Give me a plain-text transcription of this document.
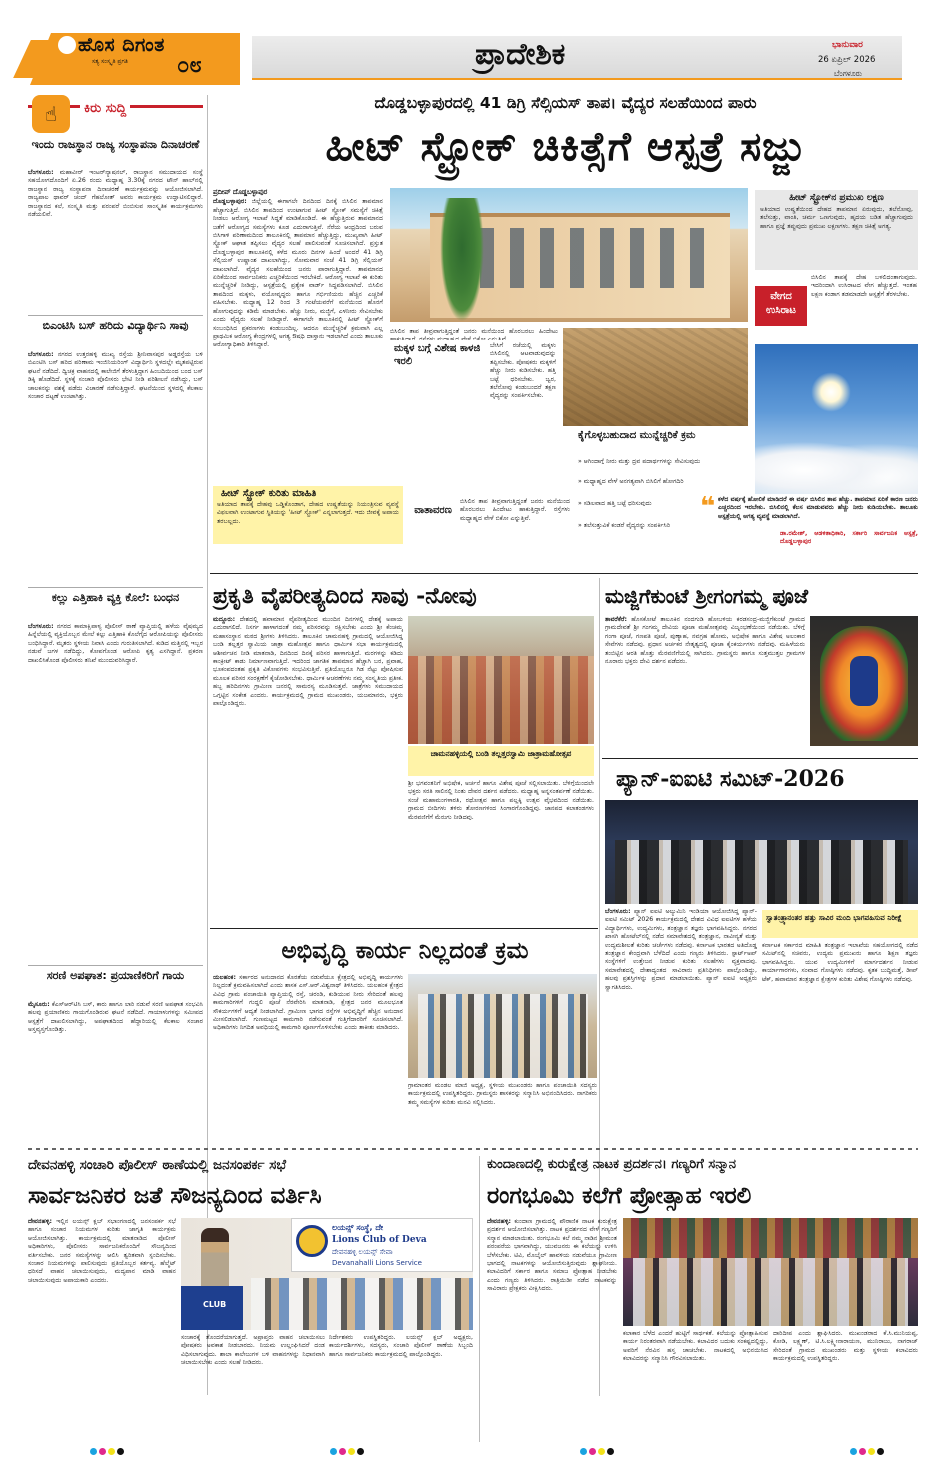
ಹೊಸ ದಿಗಂತ
ಸತ್ಯ ಸಂಸ್ಕೃತಿ ಪ್ರಗತಿ ೦೮	ಪ್ರಾದೇಶಿಕ	ಭಾನುವಾರ
26 ಏಪ್ರಿಲ್ 2026
ಬೆಂಗಳೂರು
☝	ಕಿರು ಸುದ್ದಿ
ಇಂದು ರಾಜಸ್ಥಾನ ರಾಜ್ಯ ಸಂಸ್ಥಾಪನಾ ದಿನಾಚರಣೆ
ಬೆಂಗಳೂರು: ಮಹಾವೀರ್ ಇಂಟರ್‌ನ್ಯಾಷನಲ್, ರಾಜಸ್ಥಾನ ಸಮುದಾಯದ ಸಂಸ್ಥೆ ಸಹಯೋಗದೊಂದಿಗೆ ಏ.26 ರಂದು ಮಧ್ಯಾಹ್ನ 3.30ಕ್ಕೆ ನಗರದ ಟೌನ್ ಹಾಲ್‌ನಲ್ಲಿ ರಾಜಸ್ಥಾನ ರಾಜ್ಯ ಸಂಸ್ಥಾಪನಾ ದಿನಾಚರಣೆ ಕಾರ್ಯಕ್ರಮವನ್ನು ಆಯೋಜಿಸಲಾಗಿದೆ. ರಾಜ್ಯಪಾಲ ಥಾವರ್ ಚಂದ್ ಗೆಹಲೋತ್ ಅವರು ಕಾರ್ಯಕ್ರಮ ಉದ್ಘಾಟಿಸಲಿದ್ದಾರೆ. ರಾಜಸ್ಥಾನದ ಕಲೆ, ಸಂಸ್ಕೃತಿ ಮತ್ತು ಪರಂಪರೆ ಬಿಂಬಿಸುವ ಸಾಂಸ್ಕೃತಿಕ ಕಾರ್ಯಕ್ರಮಗಳು ನಡೆಯಲಿವೆ.
ಬಿಎಂಟಿಸಿ ಬಸ್ ಹರಿದು ವಿದ್ಯಾರ್ಥಿನಿ ಸಾವು
ಬೆಂಗಳೂರು: ನಗರದ ಉತ್ತರಹಳ್ಳಿ ಮುಖ್ಯ ರಸ್ತೆಯ ಶ್ರೀನಿವಾಸಪುರ ಅಡ್ಡರಸ್ತೆಯ ಬಳಿ ಬಿಎಂಟಿಸಿ ಬಸ್ ಹರಿದ ಪರಿಣಾಮ ಇಂಜಿನಿಯರಿಂಗ್ ವಿದ್ಯಾರ್ಥಿನಿ ಸ್ಥಳದಲ್ಲೇ ಮೃತಪಟ್ಟಿರುವ ಘಟನೆ ನಡೆದಿದೆ. ದ್ವಿಚಕ್ರ ವಾಹನದಲ್ಲಿ ಕಾಲೇಜಿಗೆ ತೆರಳುತ್ತಿದ್ದಾಗ ಹಿಂಬದಿಯಿಂದ ಬಂದ ಬಸ್ ಡಿಕ್ಕಿ ಹೊಡೆದಿದೆ. ಸ್ಥಳಕ್ಕೆ ಸಂಚಾರಿ ಪೊಲೀಸರು ಭೇಟಿ ನೀಡಿ ಪರಿಶೀಲನೆ ನಡೆಸಿದ್ದು, ಬಸ್ ಚಾಲಕನನ್ನು ವಶಕ್ಕೆ ಪಡೆದು ವಿಚಾರಣೆ ನಡೆಸುತ್ತಿದ್ದಾರೆ. ಘಟನೆಯಿಂದ ಸ್ಥಳದಲ್ಲಿ ಕೆಲಕಾಲ ಸಂಚಾರ ದಟ್ಟಣೆ ಉಂಟಾಗಿತ್ತು.
ಕಲ್ಲು ಎತ್ತಿಹಾಕಿ ವ್ಯಕ್ತಿ ಕೊಲೆ: ಬಂಧನ
ಬೆಂಗಳೂರು: ನಗರದ ಕಾಮಾಕ್ಷಿಪಾಳ್ಯ ಪೊಲೀಸ್ ಠಾಣೆ ವ್ಯಾಪ್ತಿಯಲ್ಲಿ ಹಳೆಯ ವೈಷಮ್ಯದ ಹಿನ್ನೆಲೆಯಲ್ಲಿ ವ್ಯಕ್ತಿಯೊಬ್ಬನ ಮೇಲೆ ಕಲ್ಲು ಎತ್ತಿಹಾಕಿ ಕೊಲೆಗೈದ ಆರೋಪಿಯನ್ನು ಪೊಲೀಸರು ಬಂಧಿಸಿದ್ದಾರೆ. ಮೃತರು ಸ್ಥಳೀಯ ನಿವಾಸಿ ಎಂದು ಗುರುತಿಸಲಾಗಿದೆ. ಕುಡಿದ ಮತ್ತಿನಲ್ಲಿ ಇಬ್ಬರ ನಡುವೆ ಜಗಳ ನಡೆದಿದ್ದು, ಕೋಪಗೊಂಡ ಆರೋಪಿ ಕೃತ್ಯ ಎಸಗಿದ್ದಾನೆ. ಪ್ರಕರಣ ದಾಖಲಿಸಿಕೊಂಡ ಪೊಲೀಸರು ತನಿಖೆ ಮುಂದುವರಿಸಿದ್ದಾರೆ.
ಸರಣಿ ಅಪಘಾತ: ಪ್ರಯಾಣಿಕರಿಗೆ ಗಾಯ
ಮೈಸೂರು: ಕೆಎಸ್‌ಆರ್‌ಟಿಸಿ ಬಸ್, ಕಾರು ಹಾಗೂ ಲಾರಿ ನಡುವೆ ಸರಣಿ ಅಪಘಾತ ಸಂಭವಿಸಿ ಹಲವು ಪ್ರಯಾಣಿಕರು ಗಾಯಗೊಂಡಿರುವ ಘಟನೆ ನಡೆದಿದೆ. ಗಾಯಾಳುಗಳನ್ನು ಸಮೀಪದ ಆಸ್ಪತ್ರೆಗೆ ದಾಖಲಿಸಲಾಗಿದ್ದು, ಅಪಘಾತದಿಂದ ಹೆದ್ದಾರಿಯಲ್ಲಿ ಕೆಲಕಾಲ ಸಂಚಾರ ಅಸ್ತವ್ಯಸ್ತಗೊಂಡಿತ್ತು.
ದೊಡ್ಡಬಳ್ಳಾಪುರದಲ್ಲಿ 41 ಡಿಗ್ರಿ ಸೆಲ್ಸಿಯಸ್ ತಾಪ। ವೈದ್ಯರ ಸಲಹೆಯಿಂದ ಪಾರು
ಹೀಟ್ ಸ್ಟ್ರೋಕ್ ಚಿಕಿತ್ಸೆಗೆ ಆಸ್ಪತ್ರೆ ಸಜ್ಜು

ಪ್ರದೀಪ್ ದೊಡ್ಡಬಳ್ಳಾಪುರ

ದೊಡ್ಡಬಳ್ಳಾಪುರ: ಜಿಲ್ಲೆಯಲ್ಲಿ ಈಗಾಗಲೇ ದಿನದಿಂದ ದಿನಕ್ಕೆ ಬಿಸಿಲಿನ ತಾಪಮಾನ ಹೆಚ್ಚಾಗುತ್ತಿದೆ. ಬಿಸಿಲಿನ ತಾಪದಿಂದ ಉಂಟಾಗುವ ಹೀಟ್ ಸ್ಟ್ರೋಕ್ ಸಮಸ್ಯೆಗೆ ಚಿಕಿತ್ಸೆ ನೀಡಲು ಆರೋಗ್ಯ ಇಲಾಖೆ ಸಿದ್ಧತೆ ಮಾಡಿಕೊಂಡಿದೆ. ಈ ಹೆಚ್ಚುತ್ತಿರುವ ತಾಪಮಾನದ ಜತೆಗೆ ಆರೋಗ್ಯದ ಸಮಸ್ಯೆಗಳು ಕೂಡ ಎದುರಾಗುತ್ತಿವೆ. ನೆರೆಯ ಆಂಧ್ರದಿಂದ ಬರುವ ಬಿಸಿಗಾಳಿ ಪರಿಣಾಮದಿಂದ ತಾಲೂಕಿನಲ್ಲಿ ತಾಪಮಾನ ಹೆಚ್ಚುತ್ತಿದ್ದು, ಮುಖ್ಯವಾಗಿ ಹೀಟ್ ಸ್ಟ್ರೋಕ್ ಆಘಾತ ತಪ್ಪಿಸಲು ವೈದ್ಯರ ಸಲಹೆ ಪಾಲಿಸುವಂತೆ ಸೂಚಿಸಲಾಗಿದೆ. ಪ್ರಸ್ತುತ ದೊಡ್ಡಬಳ್ಳಾಪುರ ತಾಲೂಕಿನಲ್ಲಿ ಕಳೆದ ಮೂರು ದಿನಗಳ ಹಿಂದೆ ಅಂದರೆ 41 ಡಿಗ್ರಿ ಸೆಲ್ಸಿಯಸ್ ಉಷ್ಣಾಂಶ ದಾಖಲಾಗಿದ್ದು, ಸೋಮವಾರ ಸಂಜೆ 41 ಡಿಗ್ರಿ ಸೆಲ್ಸಿಯಸ್ ದಾಖಲಾಗಿದೆ. ವೈದ್ಯರ ಸಲಹೆಯಿಂದ ಜನರು ಪಾರಾಗುತ್ತಿದ್ದಾರೆ. ತಾಪಮಾನದ ಏರಿಕೆಯಿಂದ ಸಾರ್ವಜನಿಕರು ಎಚ್ಚರಿಕೆಯಿಂದ ಇರಬೇಕಿದೆ. ಆರೋಗ್ಯ ಇಲಾಖೆ ಈ ಕುರಿತು ಮುನ್ನೆಚ್ಚರಿಕೆ ನೀಡಿದ್ದು, ಆಸ್ಪತ್ರೆಯಲ್ಲಿ ಪ್ರತ್ಯೇಕ ವಾರ್ಡ್ ಸಿದ್ಧಪಡಿಸಲಾಗಿದೆ. ಬಿಸಿಲಿನ ತಾಪದಿಂದ ಮಕ್ಕಳು, ವಯೋವೃದ್ಧರು ಹಾಗೂ ಗರ್ಭಿಣಿಯರು ಹೆಚ್ಚಿನ ಎಚ್ಚರಿಕೆ ವಹಿಸಬೇಕು. ಮಧ್ಯಾಹ್ನ 12 ರಿಂದ 3 ಗಂಟೆಯವರೆಗೆ ಮನೆಯಿಂದ ಹೊರಗೆ ಹೋಗುವುದನ್ನು ಕಡಿಮೆ ಮಾಡಬೇಕು. ಹೆಚ್ಚು ನೀರು, ಮಜ್ಜಿಗೆ, ಎಳನೀರು ಸೇವಿಸಬೇಕು ಎಂದು ವೈದ್ಯರು ಸಲಹೆ ನೀಡಿದ್ದಾರೆ. ಈಗಾಗಲೇ ತಾಲೂಕಿನಲ್ಲಿ ಹೀಟ್ ಸ್ಟ್ರೋಕ್‌ಗೆ ಸಂಬಂಧಿಸಿದ ಪ್ರಕರಣಗಳು ಕಂಡುಬಂದಿಲ್ಲ. ಆದರೂ ಮುನ್ನೆಚ್ಚರಿಕೆ ಕ್ರಮವಾಗಿ ಎಲ್ಲ ಪ್ರಾಥಮಿಕ ಆರೋಗ್ಯ ಕೇಂದ್ರಗಳಲ್ಲಿ ಅಗತ್ಯ ಔಷಧಿ ದಾಸ್ತಾನು ಇಡಲಾಗಿದೆ ಎಂದು ತಾಲೂಕು ಆರೋಗ್ಯಾಧಿಕಾರಿ ತಿಳಿಸಿದ್ದಾರೆ.
ಬಿಸಿಲಿನ ತಾಪ ತೀವ್ರವಾಗುತ್ತಿದ್ದಂತೆ ಜನರು ಮನೆಯಿಂದ ಹೊರಬರಲು ಹಿಂದೇಟು
ಮಕ್ಕಳ ಬಗ್ಗೆ ವಿಶೇಷ ಕಾಳಜಿ ಇರಲಿ
ಬೇಸಿಗೆ ರಜೆಯಲ್ಲಿ ಮಕ್ಕಳು ಬಿಸಿಲಿನಲ್ಲಿ ಆಟವಾಡುವುದನ್ನು ತಪ್ಪಿಸಬೇಕು. ಪೋಷಕರು ಮಕ್ಕಳಿಗೆ ಹೆಚ್ಚು ನೀರು ಕುಡಿಸಬೇಕು. ಹತ್ತಿ ಬಟ್ಟೆ ಧರಿಸಬೇಕು. ಜ್ವರ, ತಲೆನೋವು ಕಂಡುಬಂದರೆ ತಕ್ಷಣ ವೈದ್ಯರನ್ನು ಸಂಪರ್ಕಿಸಬೇಕು.
ಹೀಟ್ ಸ್ಟ್ರೋಕ್ ಕುರಿತು ಮಾಹಿತಿ
ಅತಿಯಾದ ತಾಪಕ್ಕೆ ದೇಹವು ಒಡ್ಡಿಕೊಂಡಾಗ, ದೇಹದ ಉಷ್ಣತೆಯನ್ನು ನಿಯಂತ್ರಿಸುವ ವ್ಯವಸ್ಥೆ ವಿಫಲವಾಗಿ ಉಂಟಾಗುವ ಸ್ಥಿತಿಯನ್ನು 'ಹೀಟ್ ಸ್ಟ್ರೋಕ್' ಎನ್ನಲಾಗುತ್ತದೆ. ಇದು ಜೀವಕ್ಕೆ ಅಪಾಯ ತರಬಲ್ಲದು.
ವಾತಾವರಣ
ಬಿಸಿಲಿನ ತಾಪ ತೀವ್ರವಾಗುತ್ತಿದ್ದಂತೆ ಜನರು ಮನೆಯಿಂದ ಹೊರಬರಲು ಹಿಂದೇಟು ಹಾಕುತ್ತಿದ್ದಾರೆ. ರಸ್ತೆಗಳು ಮಧ್ಯಾಹ್ನದ ವೇಳೆ ಬಿಕೋ ಎನ್ನುತ್ತಿವೆ.
ಕೈಗೊಳ್ಳಬಹುದಾದ ಮುನ್ನೆಚ್ಚರಿಕೆ ಕ್ರಮ
» ಆಗಿಂದಾಗ್ಗೆ ನೀರು ಮತ್ತು ದ್ರವ ಪದಾರ್ಥಗಳನ್ನು ಸೇವಿಸುವುದು
» ಮಧ್ಯಾಹ್ನದ ವೇಳೆ ಅನಗತ್ಯವಾಗಿ ಬಿಸಿಲಿಗೆ ಹೋಗದಿರಿ
» ಸಡಿಲವಾದ ಹತ್ತಿ ಬಟ್ಟೆ ಧರಿಸುವುದು
» ತಲೆಸುತ್ತುವಿಕೆ ಕಂಡರೆ ವೈದ್ಯರನ್ನು ಸಂಪರ್ಕಿಸಿರಿ
ಹೀಟ್ ಸ್ಟ್ರೋಕ್‌ನ ಪ್ರಮುಖ ಲಕ್ಷಣ
ಅತಿಯಾದ ಉಷ್ಣತೆಯಿಂದ ದೇಹದ ತಾಪಮಾನ ಏರುವುದು, ತಲೆನೋವು, ತಲೆಸುತ್ತು, ವಾಂತಿ, ಚರ್ಮ ಒಣಗುವುದು, ಹೃದಯ ಬಡಿತ ಹೆಚ್ಚಾಗುವುದು ಹಾಗೂ ಪ್ರಜ್ಞೆ ತಪ್ಪುವುದು ಪ್ರಮುಖ ಲಕ್ಷಣಗಳು. ತಕ್ಷಣ ಚಿಕಿತ್ಸೆ ಅಗತ್ಯ.
ವೇಗದ ಉಸಿರಾಟ
ಬಿಸಿಲಿನ ತಾಪಕ್ಕೆ ದೇಹ ಬಳಲಿದಂತಾಗುವುದು. ಇದರಿಂದಾಗಿ ಉಸಿರಾಟದ ವೇಗ ಹೆಚ್ಚುತ್ತದೆ. ಇಂತಹ ಲಕ್ಷಣ ಕಂಡಾಗ ತಡಮಾಡದೇ ಆಸ್ಪತ್ರೆಗೆ ತೆರಳಬೇಕು.
❝ ಕಳೆದ ವರ್ಷಕ್ಕೆ ಹೋಲಿಕೆ ಮಾಡಿದರೆ ಈ ವರ್ಷ ಬಿಸಿಲಿನ ತಾಪ ಹೆಚ್ಚು. ತಾಪಮಾನ ಏರಿಕೆ ಕಾರಣ ಜನರು ಎಚ್ಚರದಿಂದ ಇರಬೇಕು. ಬಿಸಿಲಿನಲ್ಲಿ ಕೆಲಸ ಮಾಡುವವರು ಹೆಚ್ಚು ನೀರು ಕುಡಿಯಬೇಕು. ತಾಲೂಕು ಆಸ್ಪತ್ರೆಯಲ್ಲಿ ಅಗತ್ಯ ವ್ಯವಸ್ಥೆ ಮಾಡಲಾಗಿದೆ.
ಡಾ.ರಮೇಶ್, ಆಡಳಿತಾಧಿಕಾರಿ, ಸರ್ಕಾರಿ ಸಾರ್ವಜನಿಕ ಆಸ್ಪತ್ರೆ, ದೊಡ್ಡಬಳ್ಳಾಪುರ
ಪ್ರಕೃತಿ ವೈಪರೀತ್ಯದಿಂದ ಸಾವು -ನೋವು
ಮದ್ದೂರು: ದೇಶದಲ್ಲಿ ಹವಾಮಾನ ವೈಪರೀತ್ಯದಿಂದ ಮುಂದಿನ ದಿನಗಳಲ್ಲಿ ದೇಶಕ್ಕೆ ಅಪಾಯ ಎದುರಾಗಲಿದೆ. ನಿಸರ್ಗ ಹಾಳಾಗದಂತೆ ನಮ್ಮ ಪರಿಸರವನ್ನು ರಕ್ಷಿಸಬೇಕು ಎಂದು ಶ್ರೀ ಕೆಂಚಮ್ಮ ಮಹಾಸಂಸ್ಥಾನ ಮಠದ ಶ್ರೀಗಳು ತಿಳಿಸಿದರು. ತಾಲೂಕಿನ ಚಾಮನಹಳ್ಳಿ ಗ್ರಾಮದಲ್ಲಿ ಆಯೋಜಿಸಿದ್ದ ಬಂಡಿ ತಲ್ಲತ್ತರ ಸ್ವಾಮಿಯ ಜಾತ್ರಾ ಮಹೋತ್ಸವ ಹಾಗೂ ಧಾರ್ಮಿಕ ಸಭಾ ಕಾರ್ಯಕ್ರಮದಲ್ಲಿ ಆಶೀರ್ವಚನ ನೀಡಿ ಮಾತನಾಡಿ, ದಿನದಿಂದ ದಿನಕ್ಕೆ ಪರಿಸರ ಹಾಳಾಗುತ್ತಿದೆ. ಮರಗಳನ್ನು ಕಡಿದು ಕಾಂಕ್ರೀಟ್ ಕಾಡು ನಿರ್ಮಾಣವಾಗುತ್ತಿದೆ. ಇದರಿಂದ ಜಾಗತಿಕ ತಾಪಮಾನ ಹೆಚ್ಚಾಗಿ ಬರ, ಪ್ರವಾಹ, ಭೂಕಂಪದಂತಹ ಪ್ರಕೃತಿ ವಿಕೋಪಗಳು ಸಂಭವಿಸುತ್ತಿವೆ. ಪ್ರತಿಯೊಬ್ಬರೂ ಗಿಡ ನೆಟ್ಟು ಪೋಷಿಸುವ ಮೂಲಕ ಪರಿಸರ ಸಂರಕ್ಷಣೆಗೆ ಕೈಜೋಡಿಸಬೇಕು. ಧಾರ್ಮಿಕ ಆಚರಣೆಗಳು ನಮ್ಮ ಸಂಸ್ಕೃತಿಯ ಪ್ರತೀಕ. ಹಬ್ಬ ಹರಿದಿನಗಳು ಗ್ರಾಮೀಣ ಜನರಲ್ಲಿ ಸಾಮರಸ್ಯ ಮೂಡಿಸುತ್ತವೆ. ಜಾತ್ರೆಗಳು ಸಮುದಾಯದ ಒಗ್ಗಟ್ಟಿನ ಸಂಕೇತ ಎಂದರು. ಕಾರ್ಯಕ್ರಮದಲ್ಲಿ ಗ್ರಾಮದ ಮುಖಂಡರು, ಯಜಮಾನರು, ಭಕ್ತರು ಪಾಲ್ಗೊಂಡಿದ್ದರು.
ಚಾಮನಹಳ್ಳಿಯಲ್ಲಿ ಬಂಡಿ ತಲ್ಲತ್ತರಸ್ವಾಮಿ ಜಾತ್ರಾಮಹೋತ್ಸವ
ಶ್ರೀ ಭಗವಂತನಿಗೆ ಅಭಿಷೇಕ, ಅರ್ಚನೆ ಹಾಗೂ ವಿಶೇಷ ಪೂಜೆ ಸಲ್ಲಿಸಲಾಯಿತು. ಬೆಳಿಗ್ಗೆಯಿಂದಲೇ ಭಕ್ತರು ಸರತಿ ಸಾಲಿನಲ್ಲಿ ನಿಂತು ದೇವರ ದರ್ಶನ ಪಡೆದರು. ಮಧ್ಯಾಹ್ನ ಅನ್ನಸಂತರ್ಪಣೆ ನಡೆಯಿತು. ಸಂಜೆ ಮಹಾಮಂಗಳಾರತಿ, ರಥೋತ್ಸವ ಹಾಗೂ ಪಲ್ಲಕ್ಕಿ ಉತ್ಸವ ವೈಭವದಿಂದ ನಡೆಯಿತು. ಗ್ರಾಮದ ಬೀದಿಗಳು ತಳಿರು ತೋರಣಗಳಿಂದ ಸಿಂಗಾರಗೊಂಡಿದ್ದವು. ಜಾನಪದ ಕಲಾತಂಡಗಳು ಮೆರವಣಿಗೆಗೆ ಮೆರುಗು ನೀಡಿದವು.
ಮಜ್ಜಿಗೆಕುಂಟೆ ಶ್ರೀಗಂಗಮ್ಮ ಪೂಜೆ
ತಾವರೆಕೆರೆ: ಹೊಸಕೋಟೆ ತಾಲೂಕಿನ ನಂದಗುಡಿ ಹೋಬಳಿಯ ಕರಡಸಂದ್ರ-ಮಜ್ಜಿಗೆಕುಂಟೆ ಗ್ರಾಮದ ಗ್ರಾಮದೇವತೆ ಶ್ರೀ ಗಂಗಮ್ಮ ದೇವಿಯ ಪೂಜಾ ಮಹೋತ್ಸವವು ವಿಜೃಂಭಣೆಯಿಂದ ನಡೆಯಿತು. ಬೆಳಿಗ್ಗೆ ಗಂಗಾ ಪೂಜೆ, ಗಣಪತಿ ಪೂಜೆ, ಪುಣ್ಯಾಹ, ನವಗ್ರಹ ಹೋಮ, ಅಭಿಷೇಕ ಹಾಗೂ ವಿಶೇಷ ಅಲಂಕಾರ ಸೇವೆಗಳು ನಡೆದವು. ಪ್ರಧಾನ ಅರ್ಚಕರ ನೇತೃತ್ವದಲ್ಲಿ ಪೂಜಾ ಕೈಂಕರ್ಯಗಳು ನಡೆದವು. ಮಹಿಳೆಯರು ತಂಬಿಟ್ಟಿನ ಆರತಿ ಹೊತ್ತು ಮೆರವಣಿಗೆಯಲ್ಲಿ ಸಾಗಿದರು. ಗ್ರಾಮಸ್ಥರು ಹಾಗೂ ಸುತ್ತಮುತ್ತಲ ಗ್ರಾಮಗಳ ನೂರಾರು ಭಕ್ತರು ದೇವಿ ದರ್ಶನ ಪಡೆದರು.
ಪ್ಯಾನ್-ಐಐಟಿ ಸಮಿಟ್-2026
ಬೆಂಗಳೂರು: ಪ್ಯಾನ್ ಐಐಟಿ ಅಲ್ಯುಮಿನಿ ಇಂಡಿಯಾ ಆಯೋಜಿಸಿದ್ದ ಪ್ಯಾನ್-ಐಐಟಿ ಸಮಿಟ್ 2026 ಕಾರ್ಯಕ್ರಮದಲ್ಲಿ ದೇಶದ ವಿವಿಧ ಐಐಟಿಗಳ ಹಳೆಯ ವಿದ್ಯಾರ್ಥಿಗಳು, ಉದ್ಯಮಿಗಳು, ತಂತ್ರಜ್ಞಾನ ತಜ್ಞರು ಭಾಗವಹಿಸಿದ್ದರು. ನಗರದ ಖಾಸಗಿ ಹೋಟೆಲ್‌ನಲ್ಲಿ ನಡೆದ ಸಮಾವೇಶದಲ್ಲಿ ತಂತ್ರಜ್ಞಾನ, ನಾವೀನ್ಯತೆ ಮತ್ತು ಉದ್ಯಮಶೀಲತೆ ಕುರಿತು ಚರ್ಚೆಗಳು ನಡೆದವು. ಕರ್ನಾಟಕ ಭಾರತದ ಅತಿದೊಡ್ಡ ತಂತ್ರಜ್ಞಾನ ಕೇಂದ್ರವಾಗಿ ಬೆಳೆದಿದೆ ಎಂದು ಗಣ್ಯರು ತಿಳಿಸಿದರು. ಸ್ಟಾರ್ಟ್‌ಅಪ್ ಸಂಸ್ಥೆಗಳಿಗೆ ಉತ್ತೇಜನ ನೀಡುವ ಕುರಿತು ಸಲಹೆಗಳು ವ್ಯಕ್ತವಾದವು. ಸಮಾವೇಶದಲ್ಲಿ ದೇಶಾದ್ಯಂತದ ಸಾವಿರಾರು ಪ್ರತಿನಿಧಿಗಳು ಪಾಲ್ಗೊಂಡಿದ್ದು, ಹಲವು ಪ್ರಶಸ್ತಿಗಳನ್ನು ಪ್ರದಾನ ಮಾಡಲಾಯಿತು. ಪ್ಯಾನ್ ಐಐಟಿ ಅಧ್ಯಕ್ಷರು ಸ್ವಾಗತಿಸಿದರು.
ಸ್ವಾತಂತ್ರ್ಯಾನಂತರ ಹತ್ತು ಸಾವಿರ ಮಂದಿ ಭಾಗವಹಿಸುವ ನಿರೀಕ್ಷೆ
ಕರ್ನಾಟಕ ಸರ್ಕಾರದ ಮಾಹಿತಿ ತಂತ್ರಜ್ಞಾನ ಇಲಾಖೆಯ ಸಹಯೋಗದಲ್ಲಿ ನಡೆದ ಸಮಿಟ್‌ನಲ್ಲಿ ಸಚಿವರು, ಉದ್ಯಮ ಪ್ರಮುಖರು ಹಾಗೂ ಶಿಕ್ಷಣ ತಜ್ಞರು ಭಾಗವಹಿಸಿದ್ದರು. ಯುವ ಉದ್ಯಮಿಗಳಿಗೆ ಮಾರ್ಗದರ್ಶನ ನೀಡುವ ಕಾರ್ಯಾಗಾರಗಳು, ಸಂವಾದ ಗೋಷ್ಠಿಗಳು ನಡೆದವು. ಕೃತಕ ಬುದ್ಧಿಮತ್ತೆ, ಡೀಪ್ ಟೆಕ್, ಹವಾಮಾನ ತಂತ್ರಜ್ಞಾನ ಕ್ಷೇತ್ರಗಳ ಕುರಿತು ವಿಶೇಷ ಗೋಷ್ಠಿಗಳು ನಡೆದವು.
ಅಭಿವೃದ್ಧಿ ಕಾರ್ಯ ನಿಲ್ಲದಂತೆ ಕ್ರಮ
ಯಲಹಂಕ: ಸರ್ಕಾರದ ಅನುದಾನದ ಕೊರತೆಯ ನಡುವೆಯೂ ಕ್ಷೇತ್ರದಲ್ಲಿ ಅಭಿವೃದ್ಧಿ ಕಾರ್ಯಗಳು ನಿಲ್ಲದಂತೆ ಕ್ರಮವಹಿಸಲಾಗಿದೆ ಎಂದು ಶಾಸಕ ಎಸ್.ಆರ್.ವಿಶ್ವನಾಥ್ ತಿಳಿಸಿದರು. ಯಲಹಂಕ ಕ್ಷೇತ್ರದ ವಿವಿಧ ಗ್ರಾಮ ಪಂಚಾಯಿತಿ ವ್ಯಾಪ್ತಿಯಲ್ಲಿ ರಸ್ತೆ, ಚರಂಡಿ, ಕುಡಿಯುವ ನೀರು ಸೇರಿದಂತೆ ಹಲವು ಕಾಮಗಾರಿಗಳಿಗೆ ಗುದ್ದಲಿ ಪೂಜೆ ನೆರವೇರಿಸಿ ಮಾತನಾಡಿ, ಕ್ಷೇತ್ರದ ಜನರ ಮೂಲಭೂತ ಸೌಕರ್ಯಗಳಿಗೆ ಆದ್ಯತೆ ನೀಡಲಾಗಿದೆ. ಗ್ರಾಮೀಣ ಭಾಗದ ರಸ್ತೆಗಳ ಅಭಿವೃದ್ಧಿಗೆ ಹೆಚ್ಚಿನ ಅನುದಾನ ಮೀಸಲಿಡಲಾಗಿದೆ. ಗುಣಮಟ್ಟದ ಕಾಮಗಾರಿ ನಡೆಸುವಂತೆ ಗುತ್ತಿಗೆದಾರರಿಗೆ ಸೂಚಿಸಲಾಗಿದೆ. ಅಧಿಕಾರಿಗಳು ನಿಗದಿತ ಅವಧಿಯಲ್ಲಿ ಕಾಮಗಾರಿ ಪೂರ್ಣಗೊಳಿಸಬೇಕು ಎಂದು ತಾಕೀತು ಮಾಡಿದರು.
ಗ್ರಾಮಾಂತರ ಮಂಡಲ ಮಾಜಿ ಅಧ್ಯಕ್ಷ, ಸ್ಥಳೀಯ ಮುಖಂಡರು ಹಾಗೂ ಪಂಚಾಯಿತಿ ಸದಸ್ಯರು ಕಾರ್ಯಕ್ರಮದಲ್ಲಿ ಉಪಸ್ಥಿತರಿದ್ದರು. ಗ್ರಾಮಸ್ಥರು ಶಾಸಕರನ್ನು ಸನ್ಮಾನಿಸಿ ಅಭಿನಂದಿಸಿದರು. ನಾಗರಿಕರು ತಮ್ಮ ಸಮಸ್ಯೆಗಳ ಕುರಿತು ಮನವಿ ಸಲ್ಲಿಸಿದರು.
ದೇವನಹಳ್ಳಿ ಸಂಚಾರಿ ಪೊಲೀಸ್ ಠಾಣೆಯಲ್ಲಿ ಜನಸಂಪರ್ಕ ಸಭೆ
ಸಾರ್ವಜನಿಕರ ಜತೆ ಸೌಜನ್ಯದಿಂದ ವರ್ತಿಸಿ
ದೇವನಹಳ್ಳಿ: ಇಲ್ಲಿನ ಲಯನ್ಸ್ ಕ್ಲಬ್ ಸಭಾಂಗಣದಲ್ಲಿ ಜನಸಂಪರ್ಕ ಸಭೆ ಹಾಗೂ ಸಂಚಾರ ನಿಯಮಗಳ ಕುರಿತು ಜಾಗೃತಿ ಕಾರ್ಯಕ್ರಮ ಆಯೋಜಿಸಲಾಗಿತ್ತು. ಕಾರ್ಯಕ್ರಮದಲ್ಲಿ ಮಾತನಾಡಿದ ಪೊಲೀಸ್ ಅಧಿಕಾರಿಗಳು, ಪೊಲೀಸರು ಸಾರ್ವಜನಿಕರೊಂದಿಗೆ ಸೌಜನ್ಯದಿಂದ ವರ್ತಿಸಬೇಕು. ಜನರ ಸಮಸ್ಯೆಗಳನ್ನು ಆಲಿಸಿ ತ್ವರಿತವಾಗಿ ಸ್ಪಂದಿಸಬೇಕು. ಸಂಚಾರ ನಿಯಮಗಳನ್ನು ಪಾಲಿಸುವುದು ಪ್ರತಿಯೊಬ್ಬರ ಕರ್ತವ್ಯ. ಹೆಲ್ಮೆಟ್ ಧರಿಸದೆ ವಾಹನ ಚಲಾಯಿಸುವುದು, ಮದ್ಯಪಾನ ಮಾಡಿ ವಾಹನ ಚಲಾಯಿಸುವುದು ಅಪಾಯಕಾರಿ ಎಂದರು.
ಲಯನ್ಸ್ ಸಂಸ್ಥೆ, ದೇ
Lions Club of Deva
Devanahalli Lions Service
ದೇವನಹಳ್ಳಿ ಲಯನ್ಸ್ ಸೇವಾ
CLUB
ಸಂಚಾರಕ್ಕೆ ತೊಂದರೆಯಾಗುತ್ತದೆ. ಅಪ್ರಾಪ್ತರು ವಾಹನ ಚಲಾಯಿಸಲು ಪೋಷಕರು ಅವಕಾಶ ನೀಡಬಾರದು. ನಿಯಮ ಉಲ್ಲಂಘಿಸಿದರೆ ದಂಡ ವಿಧಿಸಲಾಗುವುದು. ಶಾಲಾ ಕಾಲೇಜುಗಳ ಬಳಿ ವಾಹನಗಳನ್ನು ನಿಧಾನವಾಗಿ ಚಲಾಯಿಸಬೇಕು ಎಂದು ಸಲಹೆ ನೀಡಿದರು.
ನಿರ್ದೇಶಕರು ಉಪಸ್ಥಿತರಿದ್ದರು. ಲಯನ್ಸ್ ಕ್ಲಬ್ ಅಧ್ಯಕ್ಷರು, ಕಾರ್ಯದರ್ಶಿಗಳು, ಸದಸ್ಯರು, ಸಂಚಾರಿ ಪೊಲೀಸ್ ಠಾಣೆಯ ಸಿಬ್ಬಂದಿ ಹಾಗೂ ಸಾರ್ವಜನಿಕರು ಕಾರ್ಯಕ್ರಮದಲ್ಲಿ ಪಾಲ್ಗೊಂಡಿದ್ದರು.
ಕುಂದಾಣದಲ್ಲಿ ಕುರುಕ್ಷೇತ್ರ ನಾಟಕ ಪ್ರದರ್ಶನ। ಗಣ್ಯರಿಗೆ ಸನ್ಮಾನ
ರಂಗಭೂಮಿ ಕಲೆಗೆ ಪ್ರೋತ್ಸಾಹ ಇರಲಿ
ದೇವನಹಳ್ಳಿ: ಕುಂದಾಣ ಗ್ರಾಮದಲ್ಲಿ ಪೌರಾಣಿಕ ನಾಟಕ ಕುರುಕ್ಷೇತ್ರ ಪ್ರದರ್ಶನ ಆಯೋಜಿಸಲಾಗಿತ್ತು. ನಾಟಕ ಪ್ರದರ್ಶನದ ವೇಳೆ ಗಣ್ಯರಿಗೆ ಸನ್ಮಾನ ಮಾಡಲಾಯಿತು. ರಂಗಭೂಮಿ ಕಲೆ ನಮ್ಮ ನಾಡಿನ ಶ್ರೀಮಂತ ಪರಂಪರೆಯ ಭಾಗವಾಗಿದ್ದು, ಯುವಜನರು ಈ ಕಲೆಯನ್ನು ಉಳಿಸಿ ಬೆಳೆಸಬೇಕು. ಟಿವಿ, ಮೊಬೈಲ್ ಹಾವಳಿಯ ನಡುವೆಯೂ ಗ್ರಾಮೀಣ ಭಾಗದಲ್ಲಿ ನಾಟಕಗಳನ್ನು ಆಯೋಜಿಸುತ್ತಿರುವುದು ಶ್ಲಾಘನೀಯ. ಕಲಾವಿದರಿಗೆ ಸರ್ಕಾರ ಹಾಗೂ ಸಮಾಜ ಪ್ರೋತ್ಸಾಹ ನೀಡಬೇಕು ಎಂದು ಗಣ್ಯರು ತಿಳಿಸಿದರು. ರಾತ್ರಿಯಿಡೀ ನಡೆದ ನಾಟಕವನ್ನು ಸಾವಿರಾರು ಪ್ರೇಕ್ಷಕರು ವೀಕ್ಷಿಸಿದರು.
ಕಲಾಕಾರ ಬೆಳೆದ ಎಂದರೆ ಹುಟ್ಟಿಗೆ ಸಾರ್ಥಕತೆ. ಕಲೆಯನ್ನು ಪ್ರೋತ್ಸಾಹಿಸುವ ಕಾರ್ಯ ನಿರಂತರವಾಗಿ ನಡೆಯಬೇಕು. ಕಲಾವಿದರ ಬದುಕು ಸಂಕಷ್ಟದಲ್ಲಿದ್ದು, ಅವರಿಗೆ ನೆರವಿನ ಹಸ್ತ ಚಾಚಬೇಕು. ನಾಟಕದಲ್ಲಿ ಅಭಿನಯಿಸಿದ ಕಲಾವಿದರನ್ನು ಸನ್ಮಾನಿಸಿ ಗೌರವಿಸಲಾಯಿತು.
ದಾರಿದೀಪ ಎಂದು ಶ್ಲಾಘಿಸಿದರು. ಮುಖಂಡರಾದ ಕೆ.ಸಿ.ಮುನಿಯಪ್ಪ, ಕೋಡಿ, ಲಕ್ಷ್ಮಣ್, ಟಿ.ಸಿ.ಲಕ್ಷ್ಮೀನಾರಾಯಣ, ಮುನಿರಾಜು, ನಾಗರಾಜ್ ಸೇರಿದಂತೆ ಗ್ರಾಮದ ಮುಖಂಡರು ಮತ್ತು ಸ್ಥಳೀಯ ಕಲಾವಿದರು ಕಾರ್ಯಕ್ರಮದಲ್ಲಿ ಉಪಸ್ಥಿತರಿದ್ದರು.
